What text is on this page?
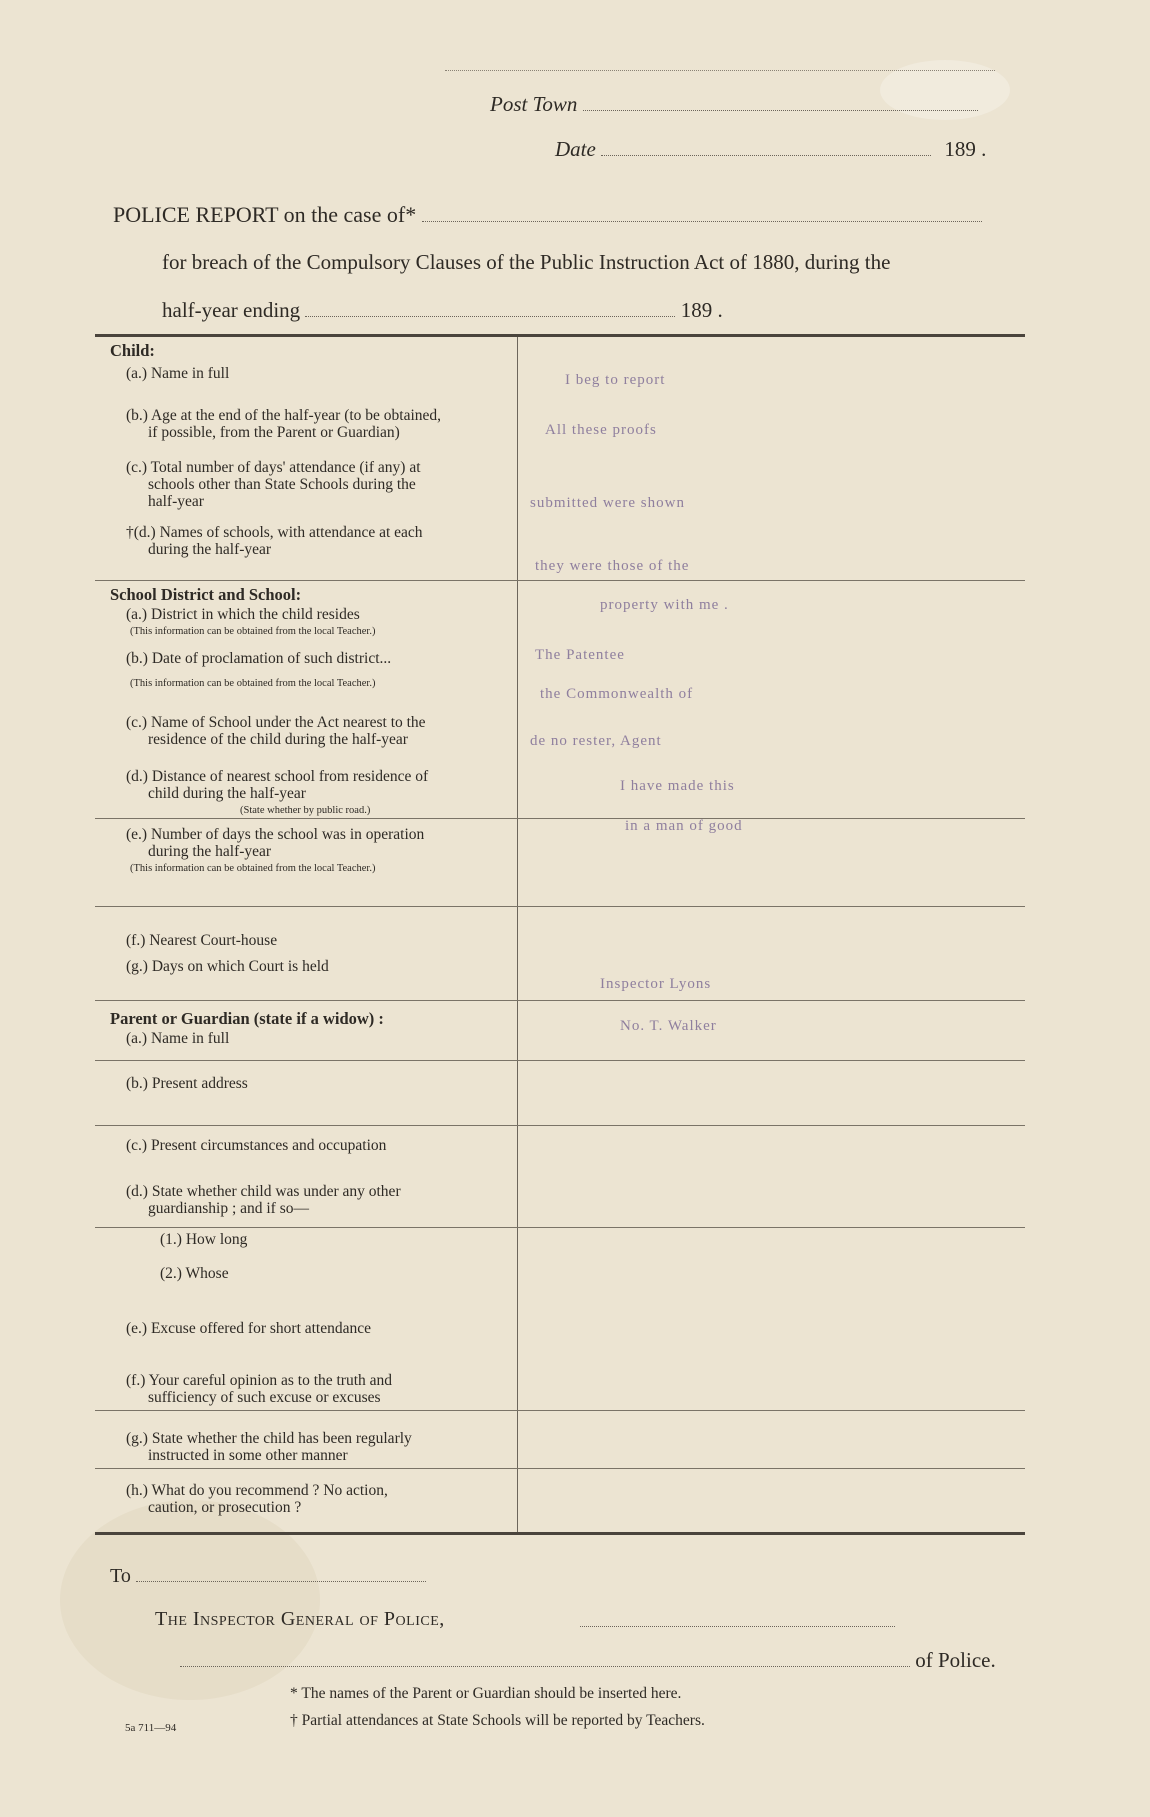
Post Town
Date	189 .
POLICE REPORT on the case of*
for breach of the Compulsory Clauses of the Public Instruction Act of 1880, during the
half-year ending	189 .
Child:
(a.) Name in full
(b.) Age at the end of the half-year (to be obtained,
if possible, from the Parent or Guardian)
(c.) Total number of days' attendance (if any) at
schools other than State Schools during the
half-year
†(d.) Names of schools, with attendance at each
during the half-year
School District and School:
(a.) District in which the child resides
(This information can be obtained from the local Teacher.)
(b.) Date of proclamation of such district...
(This information can be obtained from the local Teacher.)
(c.) Name of School under the Act nearest to the
residence of the child during the half-year
(d.) Distance of nearest school from residence of
child during the half-year
(State whether by public road.)
(e.) Number of days the school was in operation
during the half-year
(This information can be obtained from the local Teacher.)
(f.) Nearest Court-house
(g.) Days on which Court is held
Parent or Guardian (state if a widow) :
(a.) Name in full
(b.) Present address
(c.) Present circumstances and occupation
(d.) State whether child was under any other
guardianship ; and if so—
(1.) How long
(2.) Whose
(e.) Excuse offered for short attendance
(f.) Your careful opinion as to the truth and
sufficiency of such excuse or excuses
(g.) State whether the child has been regularly
instructed in some other manner
(h.) What do you recommend ? No action,
caution, or prosecution ?
I beg to report
All these proofs
submitted were shown
they were those of the
property with me .
The Patentee
the Commonwealth of
de no rester, Agent
I have made this
in a man of good
Inspector Lyons
No. T. Walker
To
The Inspector General of Police,
of Police.
* The names of the Parent or Guardian should be inserted here.
† Partial attendances at State Schools will be reported by Teachers.
5a 711—94
